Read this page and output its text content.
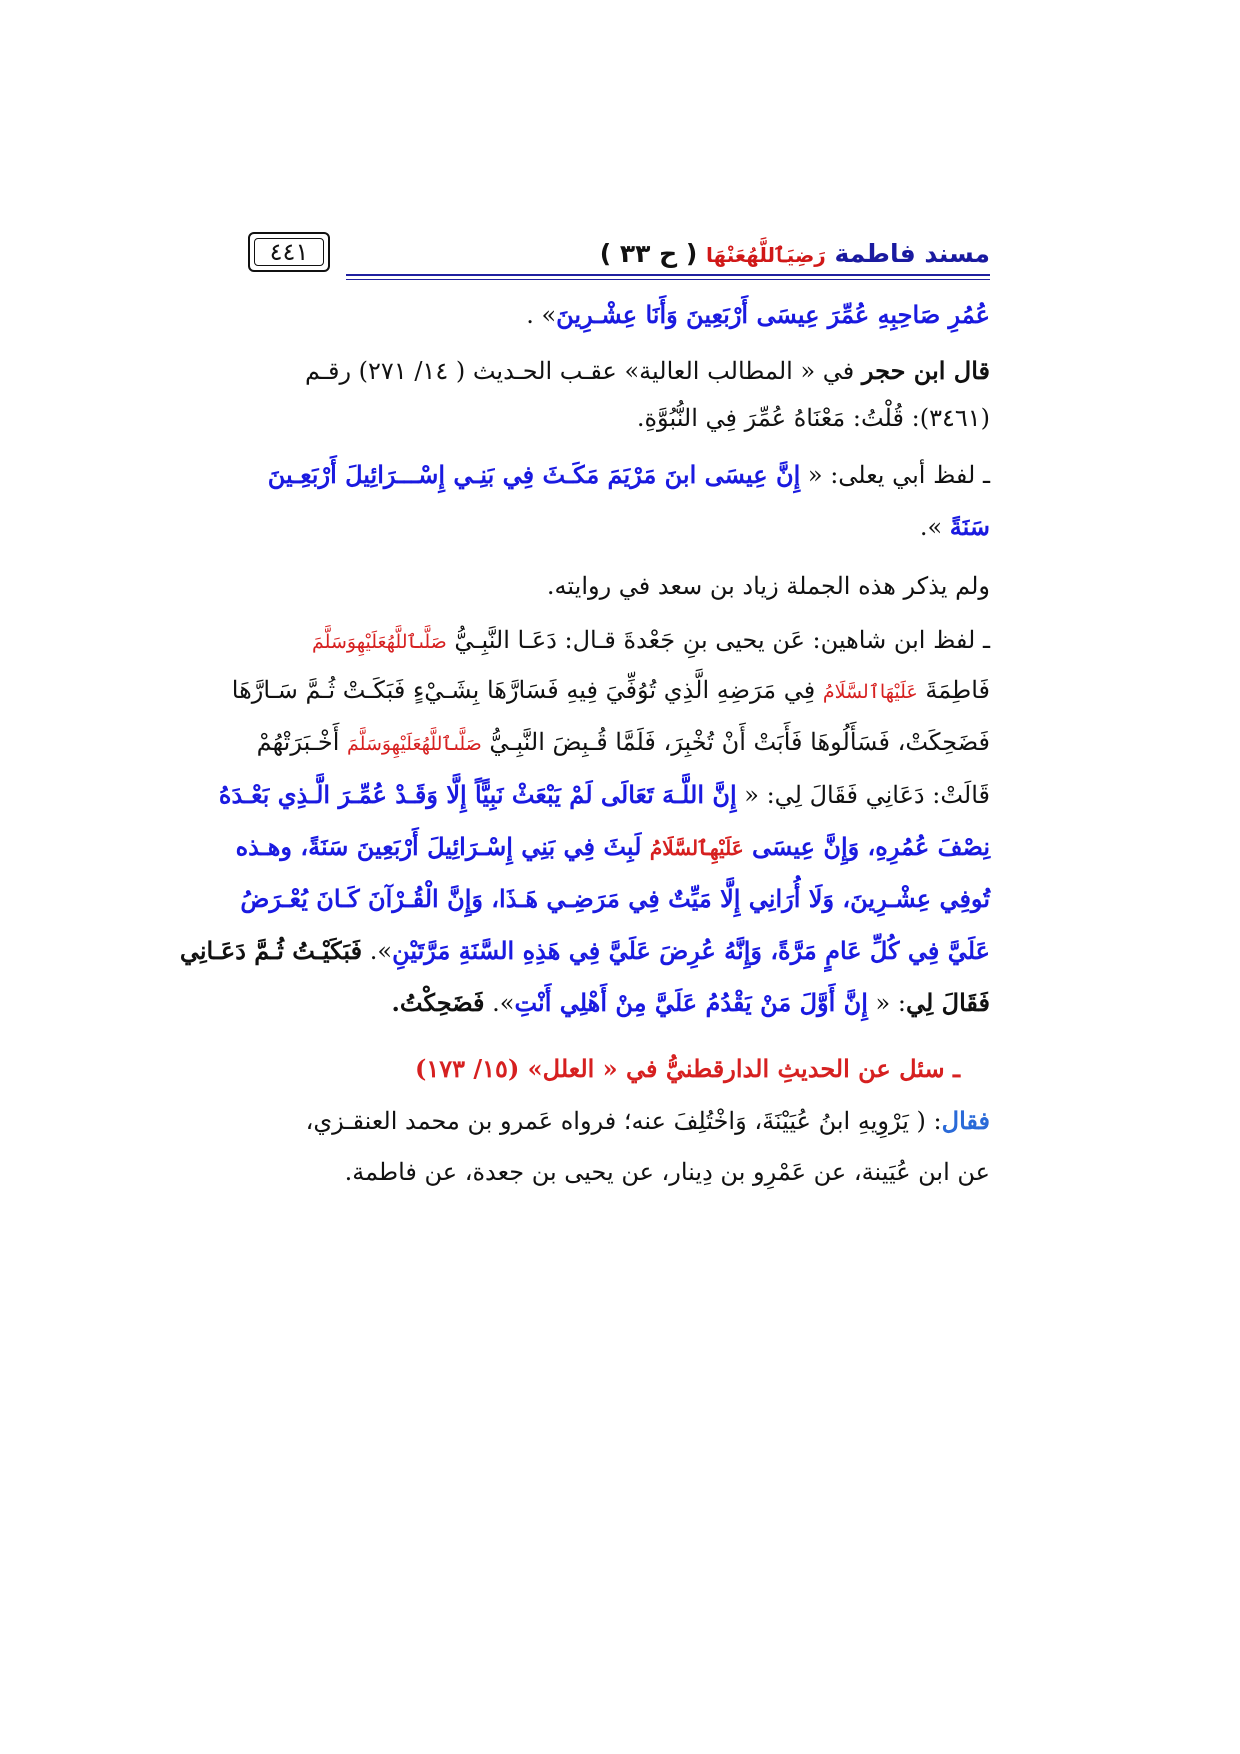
مسند فاطمة رَضِيَٱللَّهُعَنْهَا ( ح ٣٣ )
٤٤١
عُمُرِ صَاحِبِهِ عُمِّرَ عِيسَى أَرْبَعِينَ وَأَنَا عِشْـرِينَ» .
قال ابن حجر في « المطالب العالية» عقـب الحـديث ( ١٤/ ٢٧١) رقـم
(٣٤٦١): قُلْتُ: مَعْنَاهُ عُمِّرَ فِي النُّبُوَّةِ.
ـ لفظ أبي يعلى: « إِنَّ عِيسَى ابنَ مَرْيَمَ مَكَـثَ فِي بَنِـي إِسْـــرَائِيلَ أَرْبَعِـينَ
سَنَةً ».
ولم يذكر هذه الجملة زياد بن سعد في روايته.
ـ لفظ ابن شاهين: عَن يحيى بنِ جَعْدةَ قـال: دَعَـا النَّبِـيُّ صَلَّىٱللَّهُعَلَيْهِوَسَلَّمَ
فَاطِمَةَ عَلَيْهَاٱلسَّلَامُ فِي مَرَضِهِ الَّذِي تُوُفِّيَ فِيهِ فَسَارَّهَا بِشَـيْءٍ فَبَكَـتْ ثُـمَّ سَـارَّهَا
فَضَحِكَتْ، فَسَأَلُوهَا فَأَبَتْ أَنْ تُخْبِرَ، فَلَمَّا قُـبِضَ النَّبِـيُّ صَلَّىٱللَّهُعَلَيْهِوَسَلَّمَ أَخْـبَرَتْهُمْ
قَالَتْ: دَعَانِي فَقَالَ لِي: « إِنَّ اللَّـهَ تَعَالَى لَمْ يَبْعَثْ نَبِيًّاً إِلَّا وَقَـدْ عُمِّـرَ الَّـذِي بَعْـدَهُ
نِصْفَ عُمُرِهِ، وَإِنَّ عِيسَى عَلَيْهِٱلسَّلَامُ لَبِثَ فِي بَنِي إِسْـرَائِيلَ أَرْبَعِينَ سَنَةً، وهـذه
تُوفِي عِشْـرِينَ، وَلَا أُرَانِي إِلَّا مَيِّتٌ فِي مَرَضِـي هَـذَا، وَإِنَّ الْقُـرْآنَ كَـانَ يُعْـرَضُ
عَلَيَّ فِي كُلِّ عَامٍ مَرَّةً، وَإِنَّهُ عُرِضَ عَلَيَّ فِي هَذِهِ السَّنَةِ مَرَّتَيْنِ». فَبَكَيْـتُ ثُـمَّ دَعَـانِي
فَقَالَ لِي: « إِنَّ أَوَّلَ مَنْ يَقْدُمُ عَلَيَّ مِنْ أَهْلِي أَنْتِ». فَضَحِكْتُ.
ـ سئل عن الحديثِ الدارقطنيُّ في « العلل» (١٥/ ١٧٣)
فقال: ( يَرْوِيهِ ابنُ عُيَيْنَةَ، وَاخْتُلِفَ عنه؛ فرواه عَمرو بن محمد العنقـزي،
عن ابن عُيَينة، عن عَمْرِو بن دِينار، عن يحيى بن جعدة، عن فاطمة.
